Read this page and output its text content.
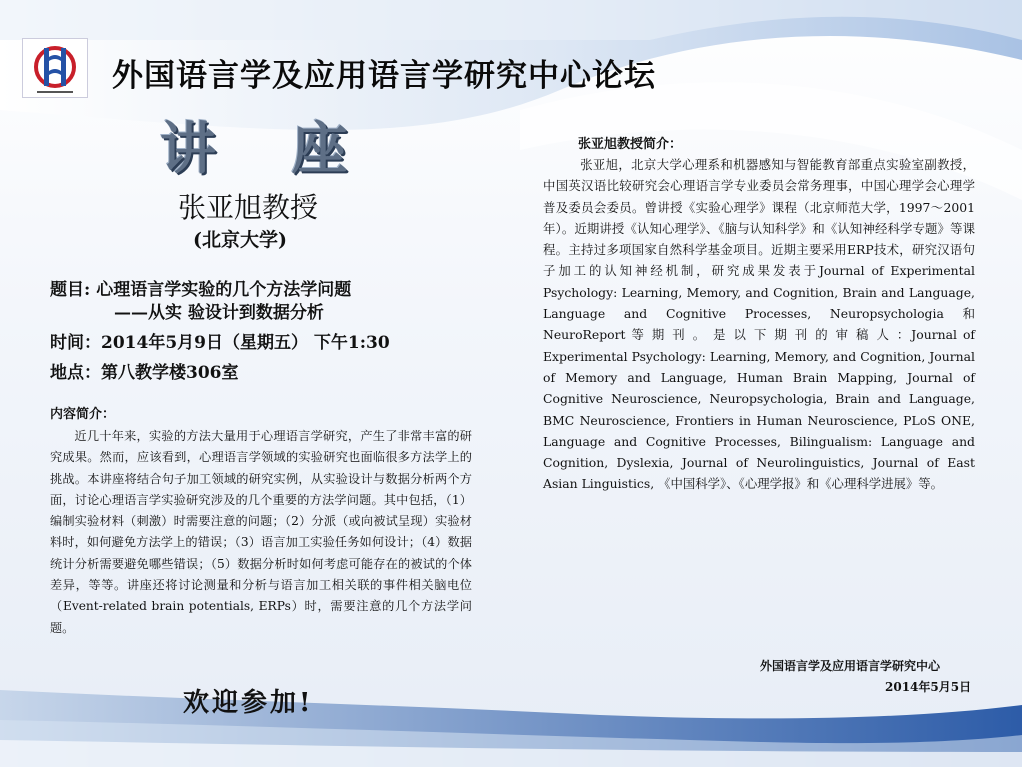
外国语言学及应用语言学研究中心论坛
讲 座
张亚旭教授
(北京大学)
题目: 心理语言学实验的几个方法学问题
——从实 验设计到数据分析
时间：2014年5月9日（星期五） 下午1:30
地点：第八教学楼306室
内容简介：
近几十年来，实验的方法大量用于心理语言学研究，产生了非常丰富的研究成果。然而，应该看到，心理语言学领域的实验研究也面临很多方法学上的挑战。本讲座将结合句子加工领域的研究实例，从实验设计与数据分析两个方面，讨论心理语言学实验研究涉及的几个重要的方法学问题。其中包括，（1）编制实验材料（刺激）时需要注意的问题；（2）分派（或向被试呈现）实验材料时，如何避免方法学上的错误；（3）语言加工实验任务如何设计；（4）数据统计分析需要避免哪些错误；（5）数据分析时如何考虑可能存在的被试的个体差异，等等。讲座还将讨论测量和分析与语言加工相关联的事件相关脑电位（Event-related brain potentials, ERPs）时，需要注意的几个方法学问题。
张亚旭教授简介：
张亚旭，北京大学心理系和机器感知与智能教育部重点实验室副教授，中国英汉语比较研究会心理语言学专业委员会常务理事，中国心理学会心理学普及委员会委员。曾讲授《实验心理学》课程（北京师范大学，1997～2001年）。近期讲授《认知心理学》、《脑与认知科学》和《认知神经科学专题》等课程。主持过多项国家自然科学基金项目。近期主要采用ERP技术，研究汉语句子加工的认知神经机制，研究成果发表于Journal of Experimental Psychology: Learning, Memory, and Cognition, Brain and Language, Language and Cognitive Processes, Neuropsychologia 和 NeuroReport 等 期 刊 。 是 以 下 期 刊 的 审 稿 人 ：Journal of Experimental Psychology: Learning, Memory, and Cognition, Journal of Memory and Language, Human Brain Mapping, Journal of Cognitive Neuroscience, Neuropsychologia, Brain and Language, BMC Neuroscience, Frontiers in Human Neuroscience, PLoS ONE, Language and Cognitive Processes, Bilingualism: Language and Cognition, Dyslexia, Journal of Neurolinguistics, Journal of East Asian Linguistics, 《中国科学》、《心理学报》和《心理科学进展》等。
外国语言学及应用语言学研究中心
2014年5月5日
欢迎参加!
